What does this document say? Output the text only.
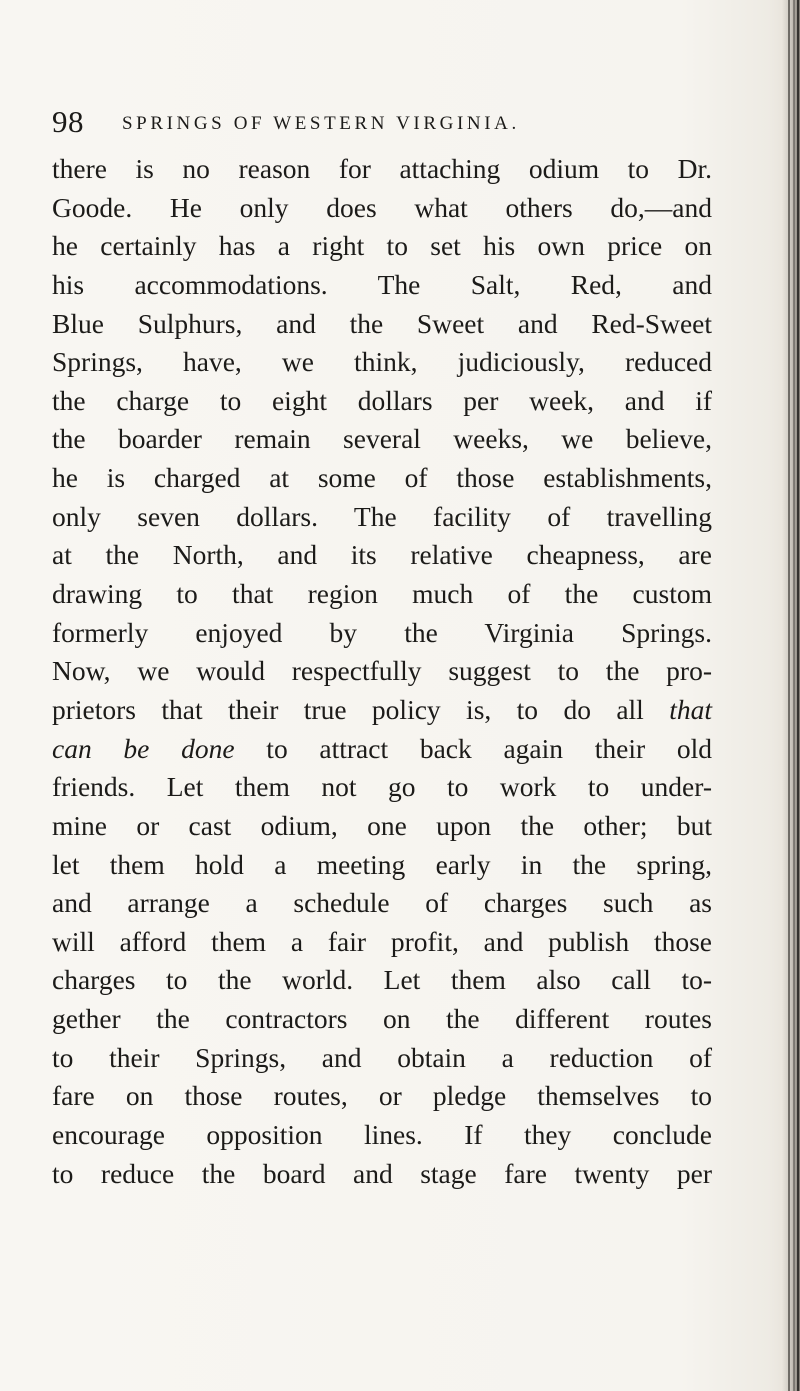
98 SPRINGS OF WESTERN VIRGINIA.
there is no reason for attaching odium to Dr.
Goode. He only does what others do,—and
he certainly has a right to set his own price on
his accommodations. The Salt, Red, and
Blue Sulphurs, and the Sweet and Red-Sweet
Springs, have, we think, judiciously, reduced
the charge to eight dollars per week, and if
the boarder remain several weeks, we believe,
he is charged at some of those establishments,
only seven dollars. The facility of travelling
at the North, and its relative cheapness, are
drawing to that region much of the custom
formerly enjoyed by the Virginia Springs.
Now, we would respectfully suggest to the pro-
prietors that their true policy is, to do all that
can be done to attract back again their old
friends. Let them not go to work to under-
mine or cast odium, one upon the other; but
let them hold a meeting early in the spring,
and arrange a schedule of charges such as
will afford them a fair profit, and publish those
charges to the world. Let them also call to-
gether the contractors on the different routes
to their Springs, and obtain a reduction of
fare on those routes, or pledge themselves to
encourage opposition lines. If they conclude
to reduce the board and stage fare twenty per
